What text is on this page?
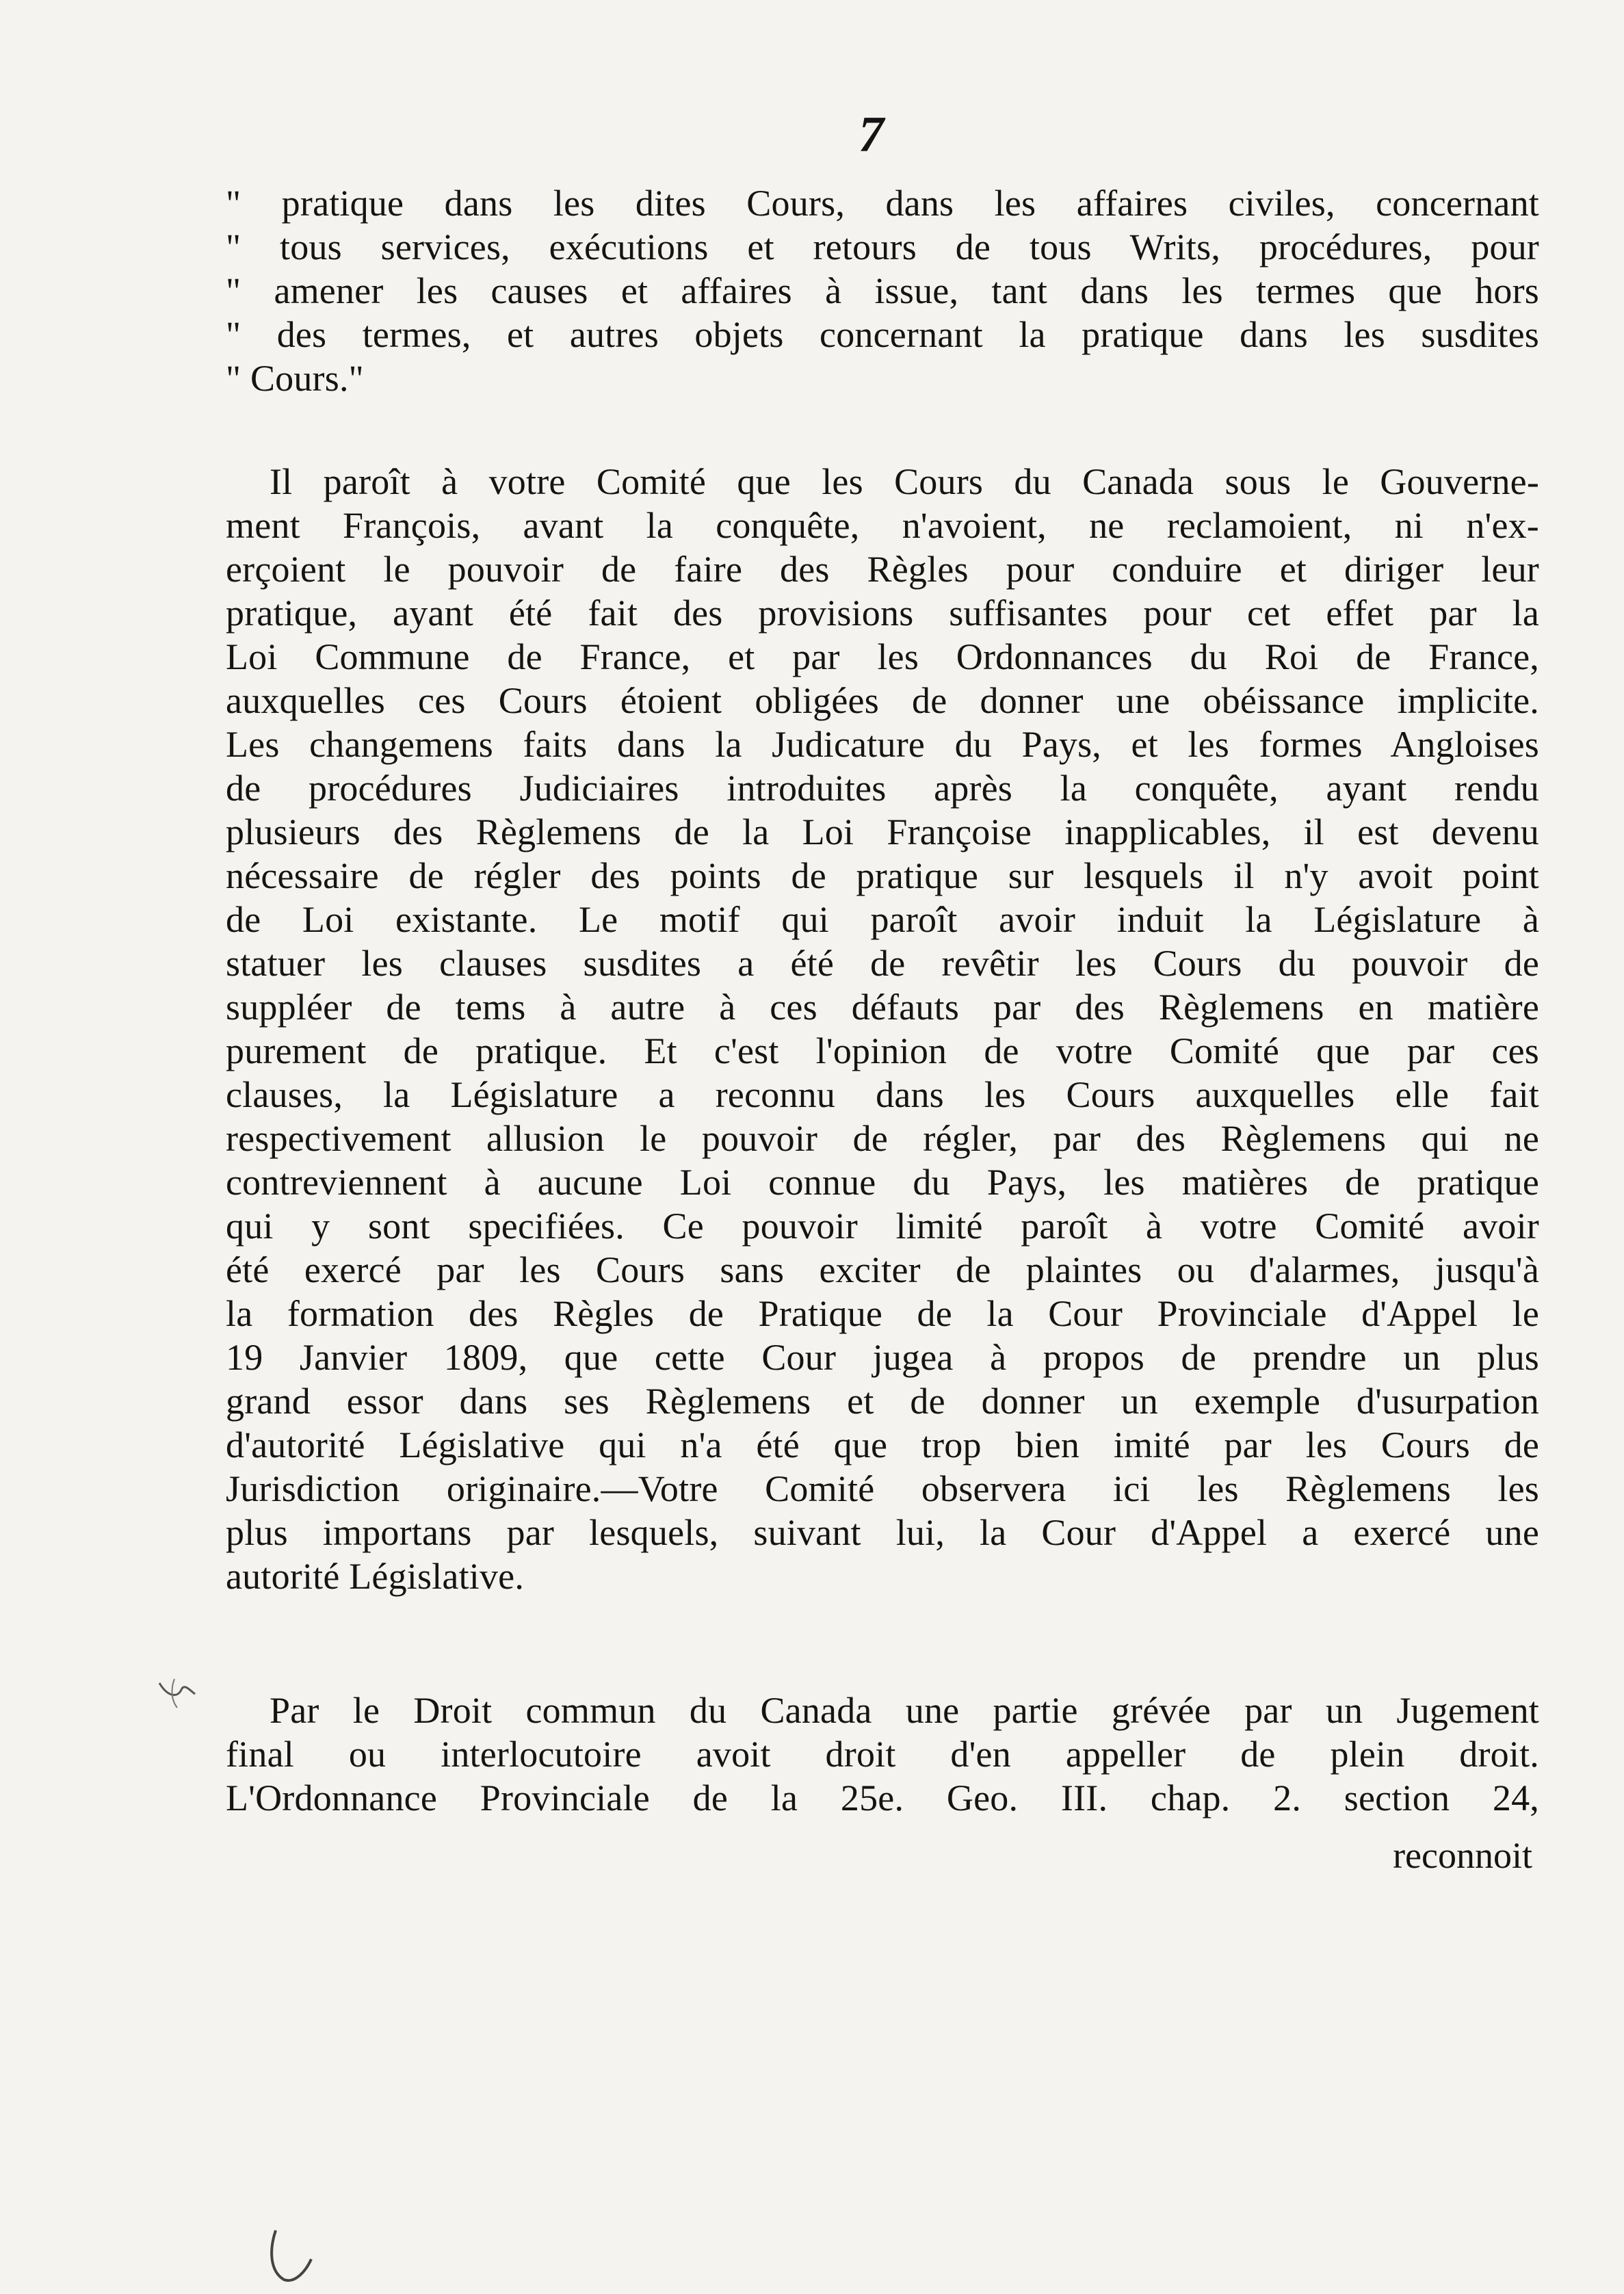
7
" pratique dans les dites Cours, dans les affaires civiles, concernant
" tous services, exécutions et retours de tous Writs, procédures, pour
" amener les causes et affaires à issue, tant dans les termes que hors
" des termes, et autres objets concernant la pratique dans les susdites
" Cours."
Il paroît à votre Comité que les Cours du Canada sous le Gouverne-
ment François, avant la conquête, n'avoient, ne reclamoient, ni n'ex-
erçoient le pouvoir de faire des Règles pour conduire et diriger leur
pratique, ayant été fait des provisions suffisantes pour cet effet par la
Loi Commune de France, et par les Ordonnances du Roi de France,
auxquelles ces Cours étoient obligées de donner une obéissance implicite.
Les changemens faits dans la Judicature du Pays, et les formes Angloises
de procédures Judiciaires introduites après la conquête, ayant rendu
plusieurs des Règlemens de la Loi Françoise inapplicables, il est devenu
nécessaire de régler des points de pratique sur lesquels il n'y avoit point
de Loi existante. Le motif qui paroît avoir induit la Législature à
statuer les clauses susdites a été de revêtir les Cours du pouvoir de
suppléer de tems à autre à ces défauts par des Règlemens en matière
purement de pratique. Et c'est l'opinion de votre Comité que par ces
clauses, la Législature a reconnu dans les Cours auxquelles elle fait
respectivement allusion le pouvoir de régler, par des Règlemens qui ne
contreviennent à aucune Loi connue du Pays, les matières de pratique
qui y sont specifiées. Ce pouvoir limité paroît à votre Comité avoir
été exercé par les Cours sans exciter de plaintes ou d'alarmes, jusqu'à
la formation des Règles de Pratique de la Cour Provinciale d'Appel le
19 Janvier 1809, que cette Cour jugea à propos de prendre un plus
grand essor dans ses Règlemens et de donner un exemple d'usurpation
d'autorité Législative qui n'a été que trop bien imité par les Cours de
Jurisdiction originaire.—Votre Comité observera ici les Règlemens les
plus importans par lesquels, suivant lui, la Cour d'Appel a exercé une
autorité Législative.
Par le Droit commun du Canada une partie grévée par un Jugement
final ou interlocutoire avoit droit d'en appeller de plein droit.
L'Ordonnance Provinciale de la 25e. Geo. III. chap. 2. section 24,
reconnoit
